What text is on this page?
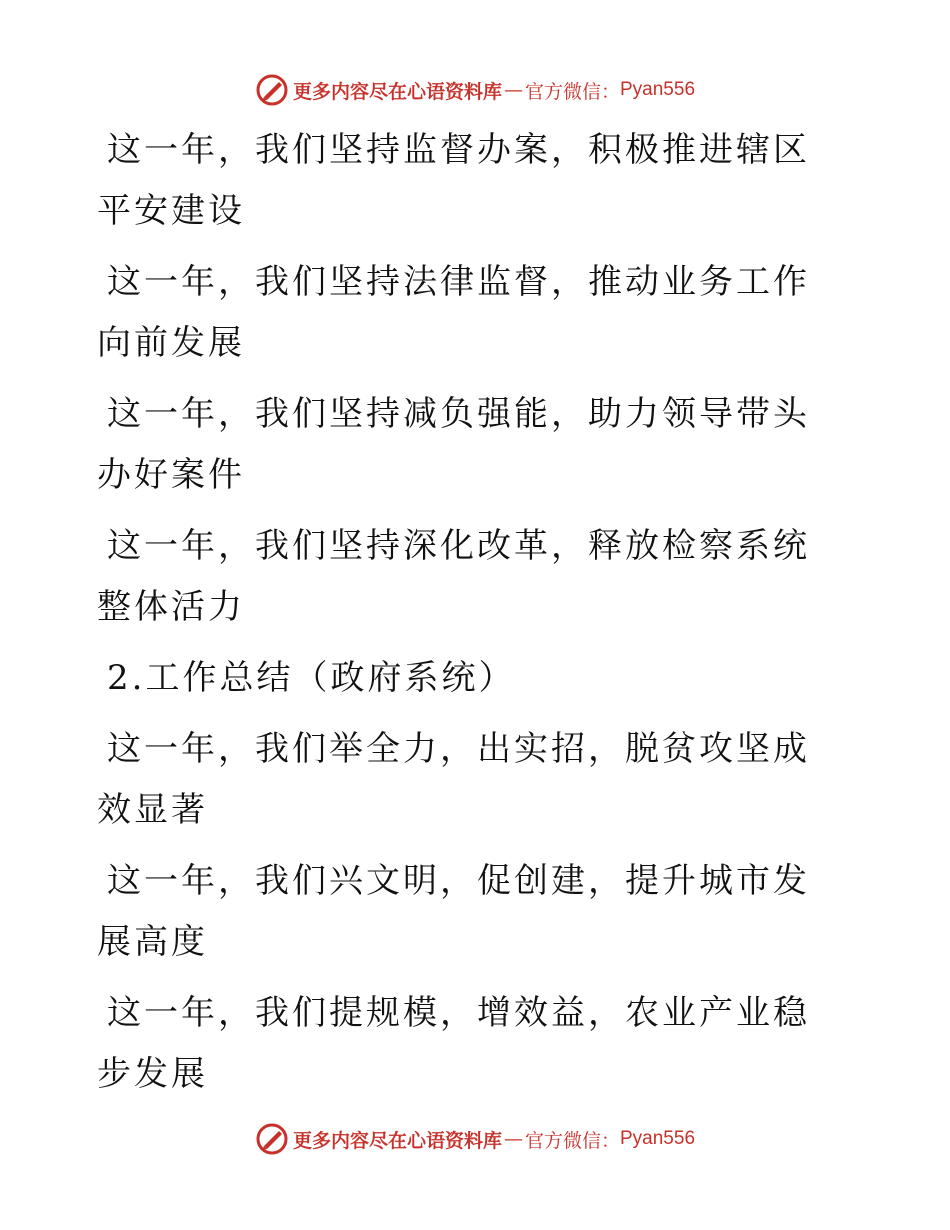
更多内容尽在心语资料库 — 官方微信： Pyan556

这一年，我们坚持监督办案，积极推进辖区平安建设

这一年，我们坚持法律监督，推动业务工作向前发展

这一年，我们坚持减负强能，助力领导带头办好案件

这一年，我们坚持深化改革，释放检察系统整体活力

2.工作总结（政府系统）

这一年，我们举全力，出实招，脱贫攻坚成效显著

这一年，我们兴文明，促创建，提升城市发展高度

这一年，我们提规模，增效益，农业产业稳步发展

更多内容尽在心语资料库 — 官方微信： Pyan556
